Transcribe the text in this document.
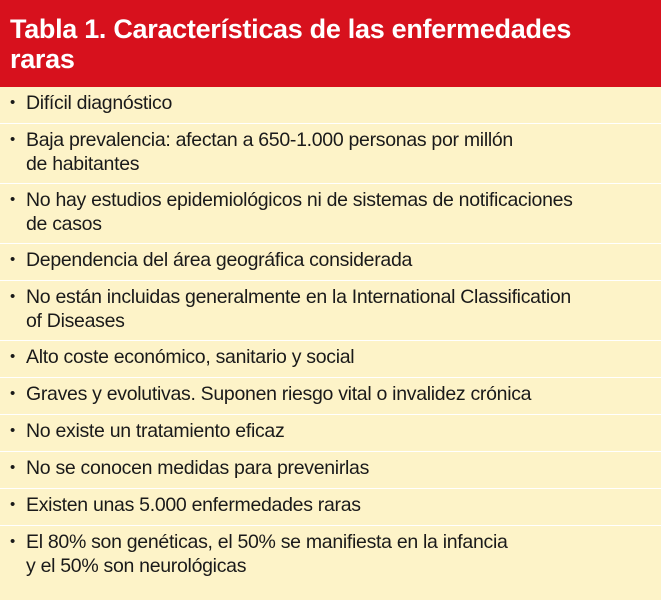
Tabla 1. Características de las enfermedades
raras
• Difícil diagnóstico
• Baja prevalencia: afectan a 650-1.000 personas por millón
de habitantes
• No hay estudios epidemiológicos ni de sistemas de notificaciones
de casos
• Dependencia del área geográfica considerada
• No están incluidas generalmente en la International Classification
of Diseases
• Alto coste económico, sanitario y social
• Graves y evolutivas. Suponen riesgo vital o invalidez crónica
• No existe un tratamiento eficaz
• No se conocen medidas para prevenirlas
• Existen unas 5.000 enfermedades raras
• El 80% son genéticas, el 50% se manifiesta en la infancia
y el 50% son neurológicas
